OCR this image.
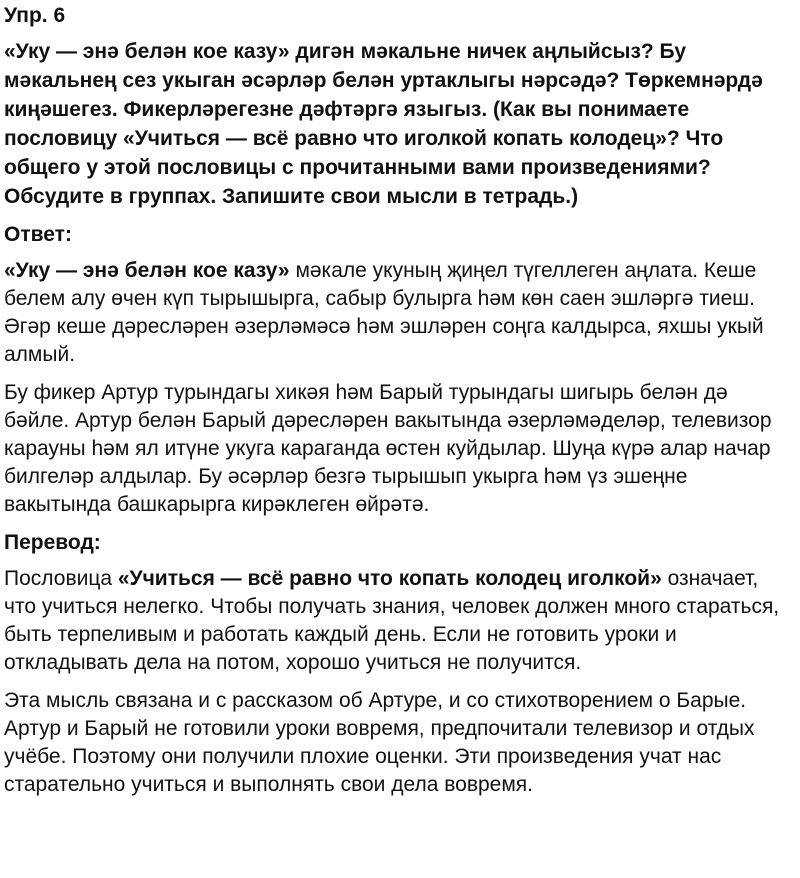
Упр. 6

«Уку — энә белән кое казу» дигән мәкальне ничек аңлыйсыз? Бу мәкальнең сез укыган әсәрләр белән уртаклыгы нәрсәдә? Төркемнәрдә киңәшегез. Фикерләрегезне дәфтәргә языгыз. (Как вы понимаете пословицу «Учиться — всё равно что иголкой копать колодец»? Что общего у этой пословицы с прочитанными вами произведениями? Обсудите в группах. Запишите свои мысли в тетрадь.)

Ответ:

«Уку — энә белән кое казу» мәкале укуның җиңел түгеллеген аңлата. Кеше белем алу өчен күп тырышырга, сабыр булырга һәм көн саен эшләргә тиеш. Әгәр кеше дәресләрен әзерләмәсә һәм эшләрен соңга калдырса, яхшы укый алмый.

Бу фикер Артур турындагы хикәя һәм Барый турындагы шигырь белән дә бәйле. Артур белән Барый дәресләрен вакытында әзерләмәделәр, телевизор карауны һәм ял итүне укуга караганда өстен куйдылар. Шуңа күрә алар начар билгеләр алдылар. Бу әсәрләр безгә тырышып укырга һәм үз эшеңне вакытында башкарырга кирәклеген өйрәтә.

Перевод:

Пословица «Учиться — всё равно что копать колодец иголкой» означает, что учиться нелегко. Чтобы получать знания, человек должен много стараться, быть терпеливым и работать каждый день. Если не готовить уроки и откладывать дела на потом, хорошо учиться не получится.

Эта мысль связана и с рассказом об Артуре, и со стихотворением о Барые. Артур и Барый не готовили уроки вовремя, предпочитали телевизор и отдых учёбе. Поэтому они получили плохие оценки. Эти произведения учат нас старательно учиться и выполнять свои дела вовремя.
